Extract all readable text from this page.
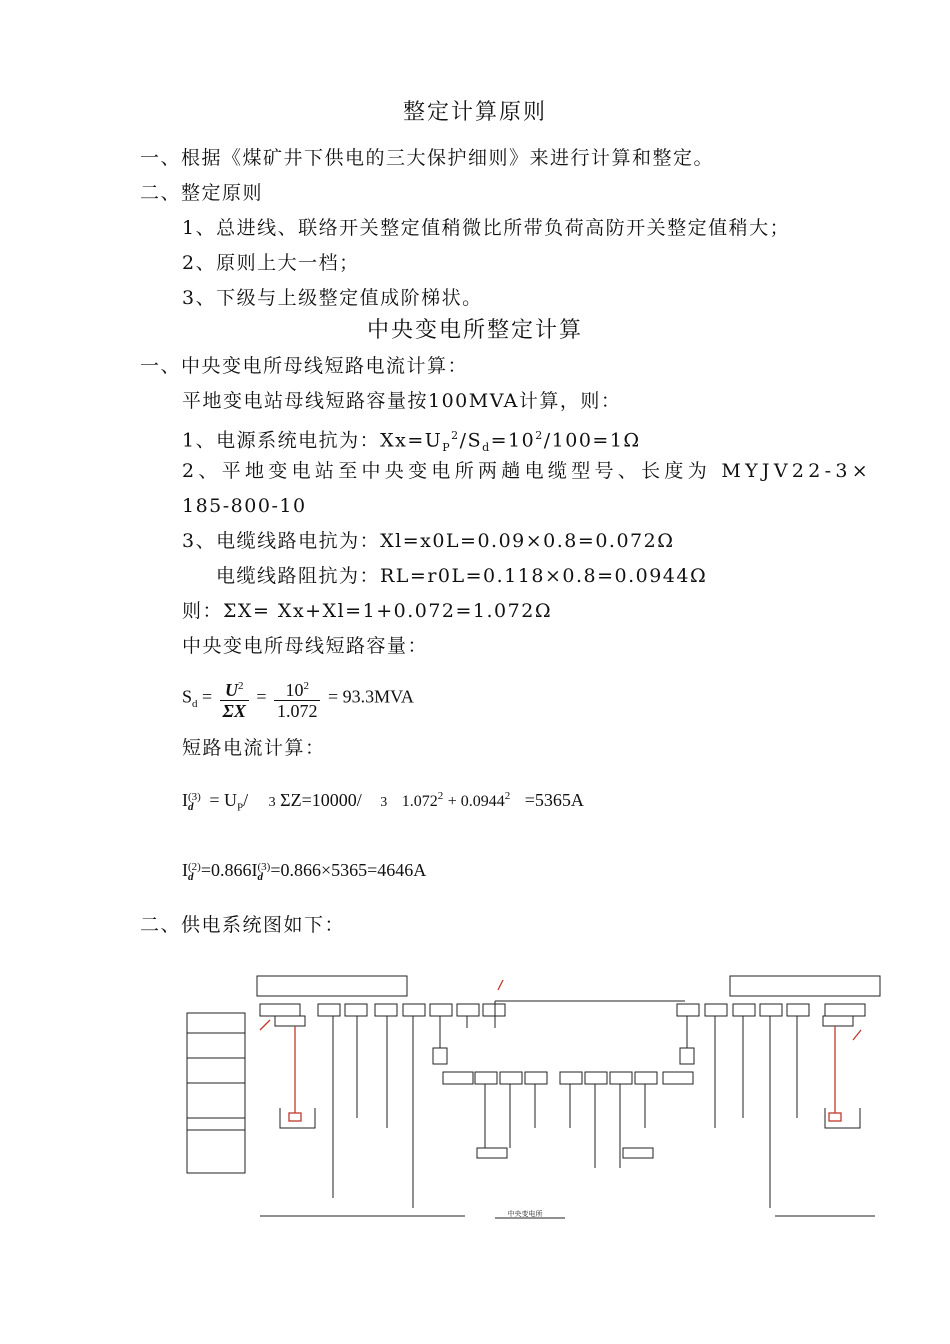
整定计算原则
一、根据《煤矿井下供电的三大保护细则》来进行计算和整定。
二、整定原则
1、总进线、联络开关整定值稍微比所带负荷高防开关整定值稍大；
2、原则上大一档；
3、下级与上级整定值成阶梯状。
中央变电所整定计算
一、中央变电所母线短路电流计算：
平地变电站母线短路容量按100MVA计算，则：
1、电源系统电抗为：$Xx=U_P^2/S_d=10^2/100=1\Omega$
2、平地变电站至中央变电所两趟电缆型号、长度为 MYJV22-3×
185-800-10
3、电缆线路电抗为：Xl=x0L=0.09×0.8=0.072Ω
电缆线路阻抗为：RL=r0L=0.118×0.8=0.0944Ω
则：ΣX= Xx+Xl=1+0.072=1.072Ω
中央变电所母线短路容量：
$S_d = \frac{U^2}{\Sigma X} = \frac{10^2}{1.072} = 93.3MVA$
短路电流计算：
I (3)
$d = U_P/$ 3 ΣZ=10000/ 3 $1.072^2 + 0.0944^2 =5365A$
I (2)
d =0.866I (3)
d =0.866×5365=4646A
二、供电系统图如下：
中央变电所
